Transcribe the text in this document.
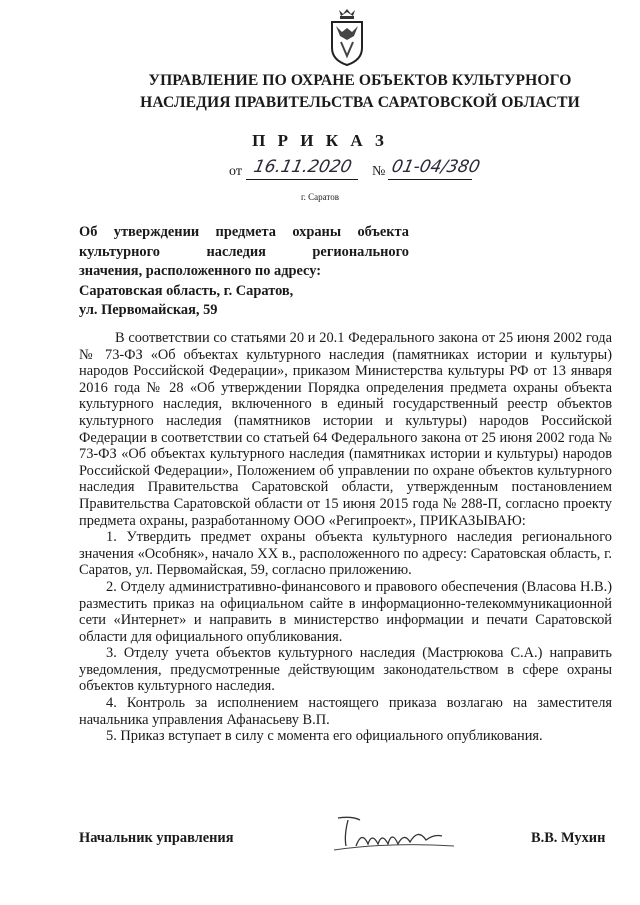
УПРАВЛЕНИЕ ПО ОХРАНЕ ОБЪЕКТОВ КУЛЬТУРНОГО
НАСЛЕДИЯ ПРАВИТЕЛЬСТВА САРАТОВСКОЙ ОБЛАСТИ
П Р И К А З
от 16.11.2020 № 01-04/380
г. Саратов
Об утверждении предмета охраны объекта
культурного наследия регионального
значения, расположенного по адресу:
Саратовская область, г. Саратов,
ул. Первомайская, 59

В соответствии со статьями 20 и 20.1 Федерального закона от 25 июня 2002 года № 73-ФЗ «Об объектах культурного наследия (памятниках истории и культуры) народов Российской Федерации», приказом Министерства культуры РФ от 13 января 2016 года № 28 «Об утверждении Порядка определения предмета охраны объекта культурного наследия, включенного в единый государственный реестр объектов культурного наследия (памятников истории и культуры) народов Российской Федерации в соответствии со статьей 64 Федерального закона от 25 июня 2002 года № 73-ФЗ «Об объектах культурного наследия (памятниках истории и культуры) народов Российской Федерации», Положением об управлении по охране объектов культурного наследия Правительства Саратовской области, утвержденным постановлением Правительства Саратовской области от 15 июня 2015 года № 288-П, согласно проекту предмета охраны, разработанному ООО «Регипроект», ПРИКАЗЫВАЮ:

1. Утвердить предмет охраны объекта культурного наследия регионального значения «Особняк», начало XX в., расположенного по адресу: Саратовская область, г. Саратов, ул. Первомайская, 59, согласно приложению.

2. Отделу административно-финансового и правового обеспечения (Власова Н.В.) разместить приказ на официальном сайте в информационно-телекоммуникационной сети «Интернет» и направить в министерство информации и печати Саратовской области для официального опубликования.

3. Отделу учета объектов культурного наследия (Мастрюкова С.А.) направить уведомления, предусмотренные действующим законодательством в сфере охраны объектов культурного наследия.

4. Контроль за исполнением настоящего приказа возлагаю на заместителя начальника управления Афанасьеву В.П.

5. Приказ вступает в силу с момента его официального опубликования.

Начальник управления	В.В. Мухин
